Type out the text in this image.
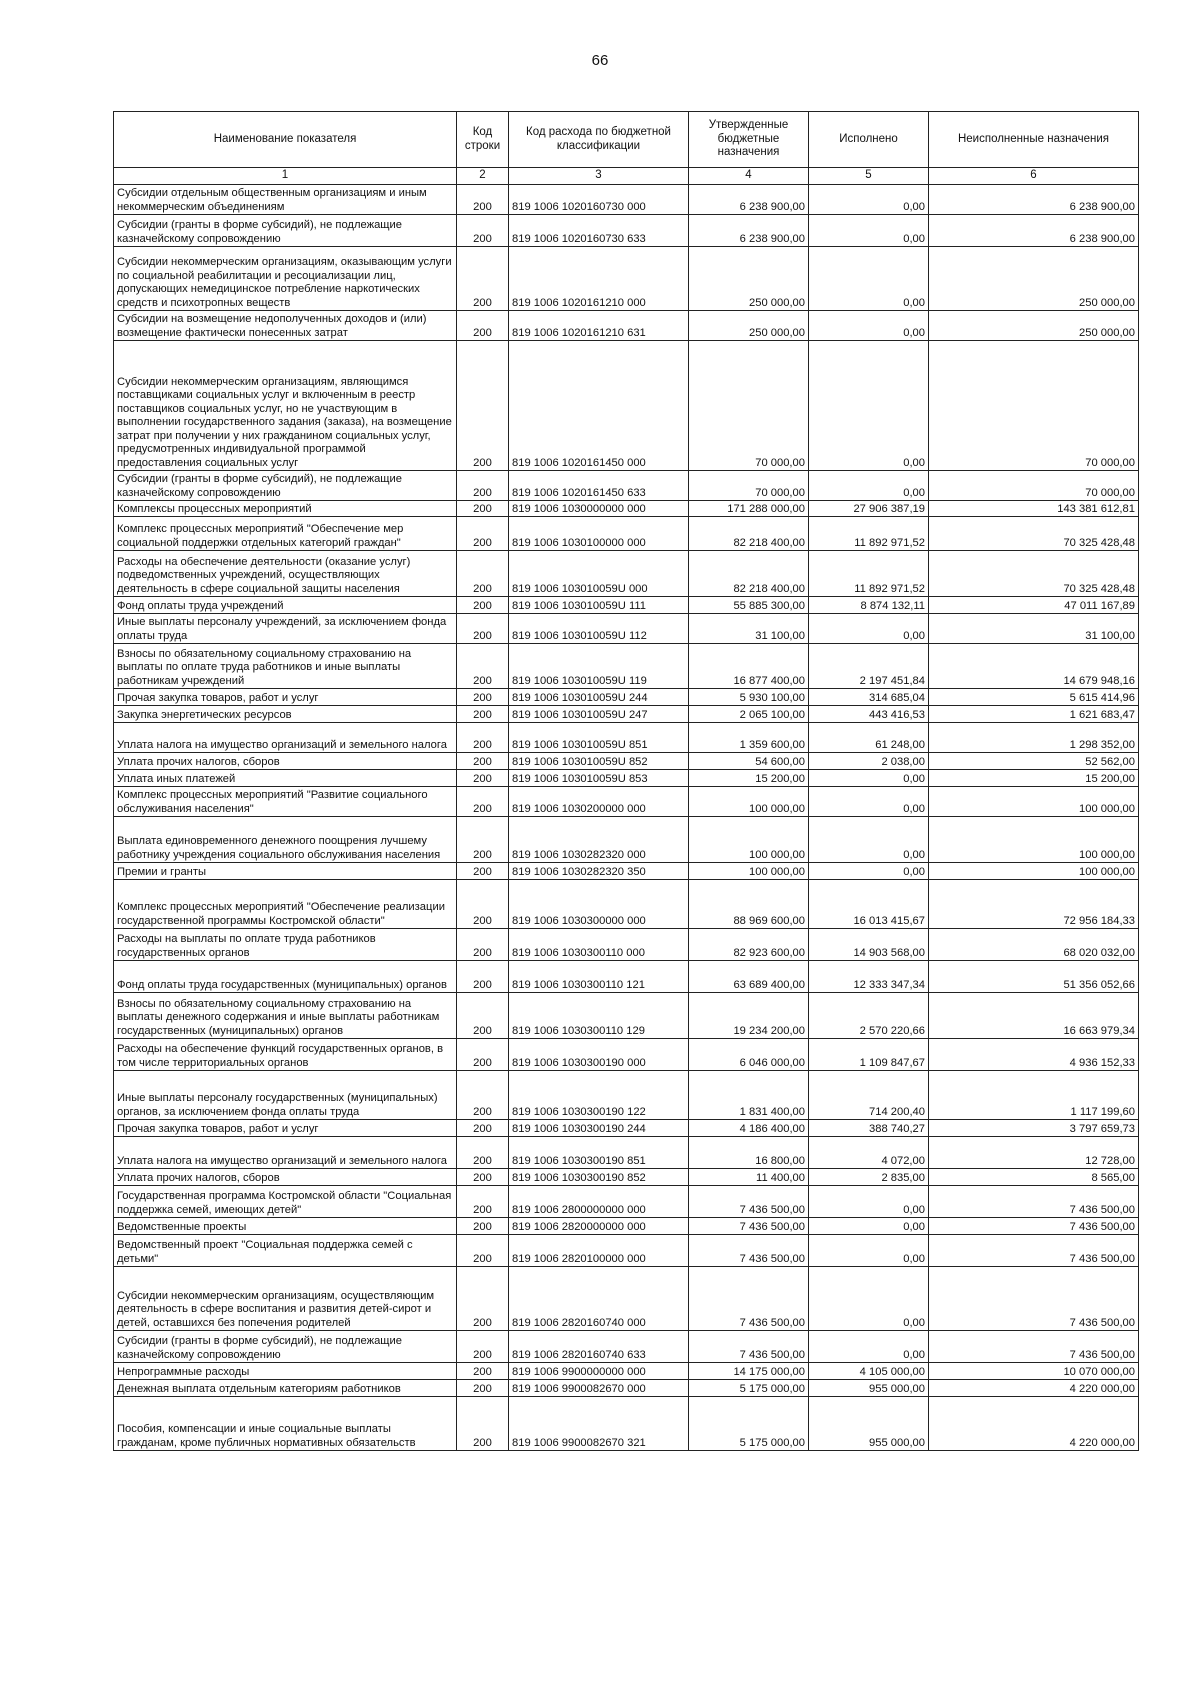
66
Наименование показателя	Код строки	Код расхода по бюджетной классификации	Утвержденные бюджетные назначения	Исполнено	Неисполненные назначения
1	2	3	4	5	6
Субсидии отдельным общественным организациям и иным некоммерческим объединениям	200	819 1006 1020160730 000	6 238 900,00	0,00	6 238 900,00
Субсидии (гранты в форме субсидий), не подлежащие казначейскому сопровождению	200	819 1006 1020160730 633	6 238 900,00	0,00	6 238 900,00
Субсидии некоммерческим организациям, оказывающим услуги по социальной реабилитации и ресоциализации лиц, допускающих немедицинское потребление наркотических средств и психотропных веществ	200	819 1006 1020161210 000	250 000,00	0,00	250 000,00
Субсидии на возмещение недополученных доходов и (или) возмещение фактически понесенных затрат	200	819 1006 1020161210 631	250 000,00	0,00	250 000,00
Субсидии некоммерческим организациям, являющимся поставщиками социальных услуг и включенным в реестр поставщиков социальных услуг, но не участвующим в выполнении государственного задания (заказа), на возмещение затрат при получении у них гражданином социальных услуг, предусмотренных индивидуальной программой предоставления социальных услуг	200	819 1006 1020161450 000	70 000,00	0,00	70 000,00
Субсидии (гранты в форме субсидий), не подлежащие казначейскому сопровождению	200	819 1006 1020161450 633	70 000,00	0,00	70 000,00
Комплексы процессных мероприятий	200	819 1006 1030000000 000	171 288 000,00	27 906 387,19	143 381 612,81
Комплекс процессных мероприятий "Обеспечение мер социальной поддержки отдельных категорий граждан"	200	819 1006 1030100000 000	82 218 400,00	11 892 971,52	70 325 428,48
Расходы на обеспечение деятельности (оказание услуг) подведомственных учреждений, осуществляющих деятельность в сфере социальной защиты населения	200	819 1006 103010059U 000	82 218 400,00	11 892 971,52	70 325 428,48
Фонд оплаты труда учреждений	200	819 1006 103010059U 111	55 885 300,00	8 874 132,11	47 011 167,89
Иные выплаты персоналу учреждений, за исключением фонда оплаты труда	200	819 1006 103010059U 112	31 100,00	0,00	31 100,00
Взносы по обязательному социальному страхованию на выплаты по оплате труда работников и иные выплаты работникам учреждений	200	819 1006 103010059U 119	16 877 400,00	2 197 451,84	14 679 948,16
Прочая закупка товаров, работ и услуг	200	819 1006 103010059U 244	5 930 100,00	314 685,04	5 615 414,96
Закупка энергетических ресурсов	200	819 1006 103010059U 247	2 065 100,00	443 416,53	1 621 683,47
Уплата налога на имущество организаций и земельного налога	200	819 1006 103010059U 851	1 359 600,00	61 248,00	1 298 352,00
Уплата прочих налогов, сборов	200	819 1006 103010059U 852	54 600,00	2 038,00	52 562,00
Уплата иных платежей	200	819 1006 103010059U 853	15 200,00	0,00	15 200,00
Комплекс процессных мероприятий "Развитие социального обслуживания населения"	200	819 1006 1030200000 000	100 000,00	0,00	100 000,00
Выплата единовременного денежного поощрения лучшему работнику учреждения социального обслуживания населения	200	819 1006 1030282320 000	100 000,00	0,00	100 000,00
Премии и гранты	200	819 1006 1030282320 350	100 000,00	0,00	100 000,00
Комплекс процессных мероприятий "Обеспечение реализации государственной программы Костромской области"	200	819 1006 1030300000 000	88 969 600,00	16 013 415,67	72 956 184,33
Расходы на выплаты по оплате труда работников государственных органов	200	819 1006 1030300110 000	82 923 600,00	14 903 568,00	68 020 032,00
Фонд оплаты труда государственных (муниципальных) органов	200	819 1006 1030300110 121	63 689 400,00	12 333 347,34	51 356 052,66
Взносы по обязательному социальному страхованию на выплаты денежного содержания и иные выплаты работникам государственных (муниципальных) органов	200	819 1006 1030300110 129	19 234 200,00	2 570 220,66	16 663 979,34
Расходы на обеспечение функций государственных органов, в том числе территориальных органов	200	819 1006 1030300190 000	6 046 000,00	1 109 847,67	4 936 152,33
Иные выплаты персоналу государственных (муниципальных) органов, за исключением фонда оплаты труда	200	819 1006 1030300190 122	1 831 400,00	714 200,40	1 117 199,60
Прочая закупка товаров, работ и услуг	200	819 1006 1030300190 244	4 186 400,00	388 740,27	3 797 659,73
Уплата налога на имущество организаций и земельного налога	200	819 1006 1030300190 851	16 800,00	4 072,00	12 728,00
Уплата прочих налогов, сборов	200	819 1006 1030300190 852	11 400,00	2 835,00	8 565,00
Государственная программа Костромской области "Социальная поддержка семей, имеющих детей"	200	819 1006 2800000000 000	7 436 500,00	0,00	7 436 500,00
Ведомственные проекты	200	819 1006 2820000000 000	7 436 500,00	0,00	7 436 500,00
Ведомственный проект "Социальная поддержка семей с детьми"	200	819 1006 2820100000 000	7 436 500,00	0,00	7 436 500,00
Субсидии некоммерческим организациям, осуществляющим деятельность в сфере воспитания и развития детей-сирот и детей, оставшихся без попечения родителей	200	819 1006 2820160740 000	7 436 500,00	0,00	7 436 500,00
Субсидии (гранты в форме субсидий), не подлежащие казначейскому сопровождению	200	819 1006 2820160740 633	7 436 500,00	0,00	7 436 500,00
Непрограммные расходы	200	819 1006 9900000000 000	14 175 000,00	4 105 000,00	10 070 000,00
Денежная выплата отдельным категориям работников	200	819 1006 9900082670 000	5 175 000,00	955 000,00	4 220 000,00
Пособия, компенсации и иные социальные выплаты гражданам, кроме публичных нормативных обязательств	200	819 1006 9900082670 321	5 175 000,00	955 000,00	4 220 000,00
